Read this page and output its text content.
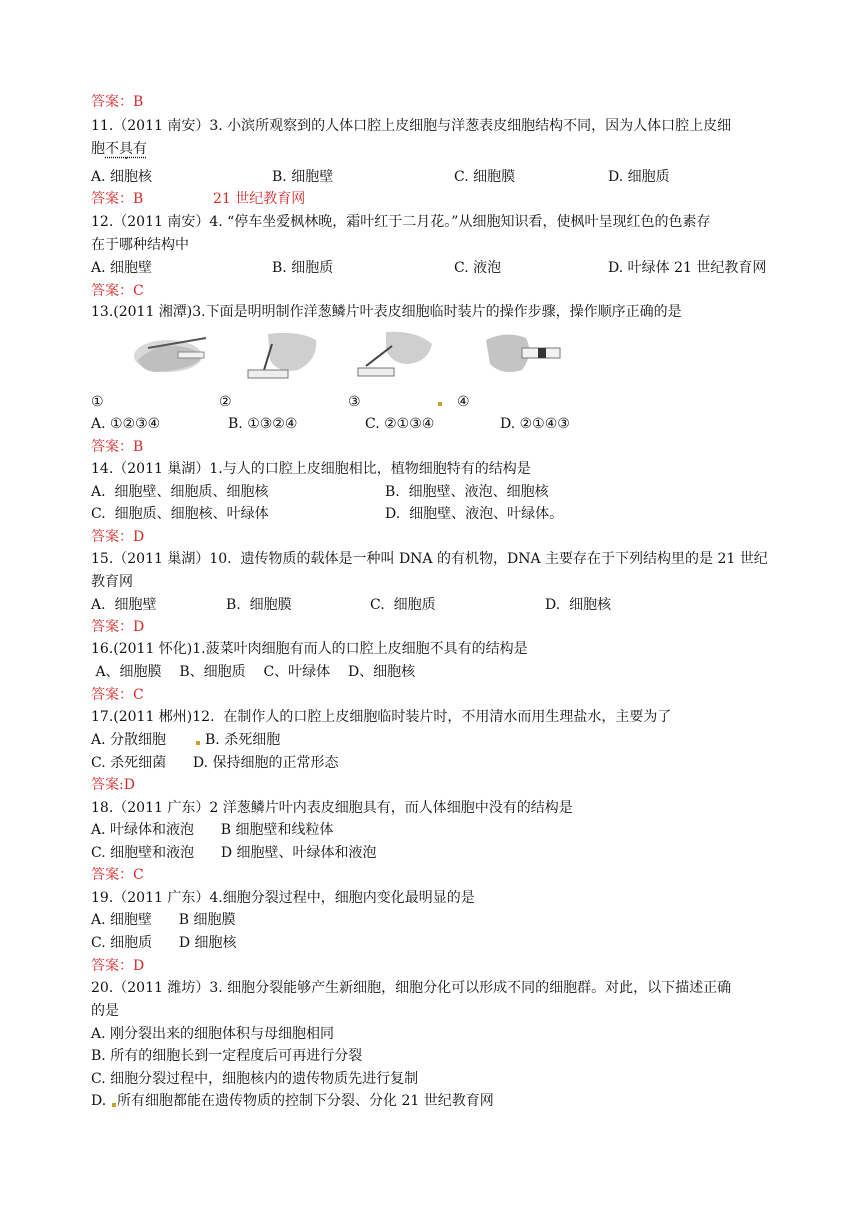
答案：B
11.（2011 南安）3. 小滨所观察到的人体口腔上皮细胞与洋葱表皮细胞结构不同，因为人体口腔上皮细
胞不具有
A. 细胞核	B. 细胞壁	C. 细胞膜	D. 细胞质
答案：B	21 世纪教育网
12.（2011 南安）4. “停车坐爱枫林晚，霜叶红于二月花。”从细胞知识看，使枫叶呈现红色的色素存
在于哪种结构中
A. 细胞壁	B. 细胞质	C. 液泡	D. 叶绿体 21 世纪教育网
答案：C
13.(2011 湘潭)3.下面是明明制作洋葱鳞片叶表皮细胞临时装片的操作步骤，操作顺序正确的是
①	②	③	④
A. ①②③④	B. ①③②④	C. ②①③④	D. ②①④③
答案：B
14.（2011 巢湖）1.与人的口腔上皮细胞相比，植物细胞特有的结构是
A.  细胞壁、细胞质、细胞核	B.  细胞壁、液泡、细胞核
C.  细胞质、细胞核、叶绿体	D.  细胞壁、液泡、叶绿体。
答案：D
15.（2011 巢湖）10.  遗传物质的载体是一种叫 DNA 的有机物，DNA 主要存在于下列结构里的是 21 世纪
教育网
A.  细胞壁	B.  细胞膜	C.  细胞质	D.  细胞核
答案：D
16.(2011 怀化)1.菠菜叶肉细胞有而人的口腔上皮细胞不具有的结构是
A、细胞膜    B、细胞质    C、叶绿体    D、细胞核
答案：C
17.(2011 郴州)12.  在制作人的口腔上皮细胞临时装片时，不用清水而用生理盐水，主要为了
A. 分散细胞	B. 杀死细胞
C. 杀死细菌      D. 保持细胞的正常形态
答案:D
18.（2011 广东）2 洋葱鳞片叶内表皮细胞具有，而人体细胞中没有的结构是
A. 叶绿体和液泡      B 细胞壁和线粒体
C. 细胞壁和液泡      D 细胞壁、叶绿体和液泡
答案：C
19.（2011 广东）4.细胞分裂过程中，细胞内变化最明显的是
A. 细胞壁      B 细胞膜
C. 细胞质      D 细胞核
答案：D
20.（2011 潍坊）3. 细胞分裂能够产生新细胞，细胞分化可以形成不同的细胞群。对此，以下描述正确
的是
A. 刚分裂出来的细胞体积与母细胞相同
B. 所有的细胞长到一定程度后可再进行分裂
C. 细胞分裂过程中，细胞核内的遗传物质先进行复制
D. 所有细胞都能在遗传物质的控制下分裂、分化 21 世纪教育网
